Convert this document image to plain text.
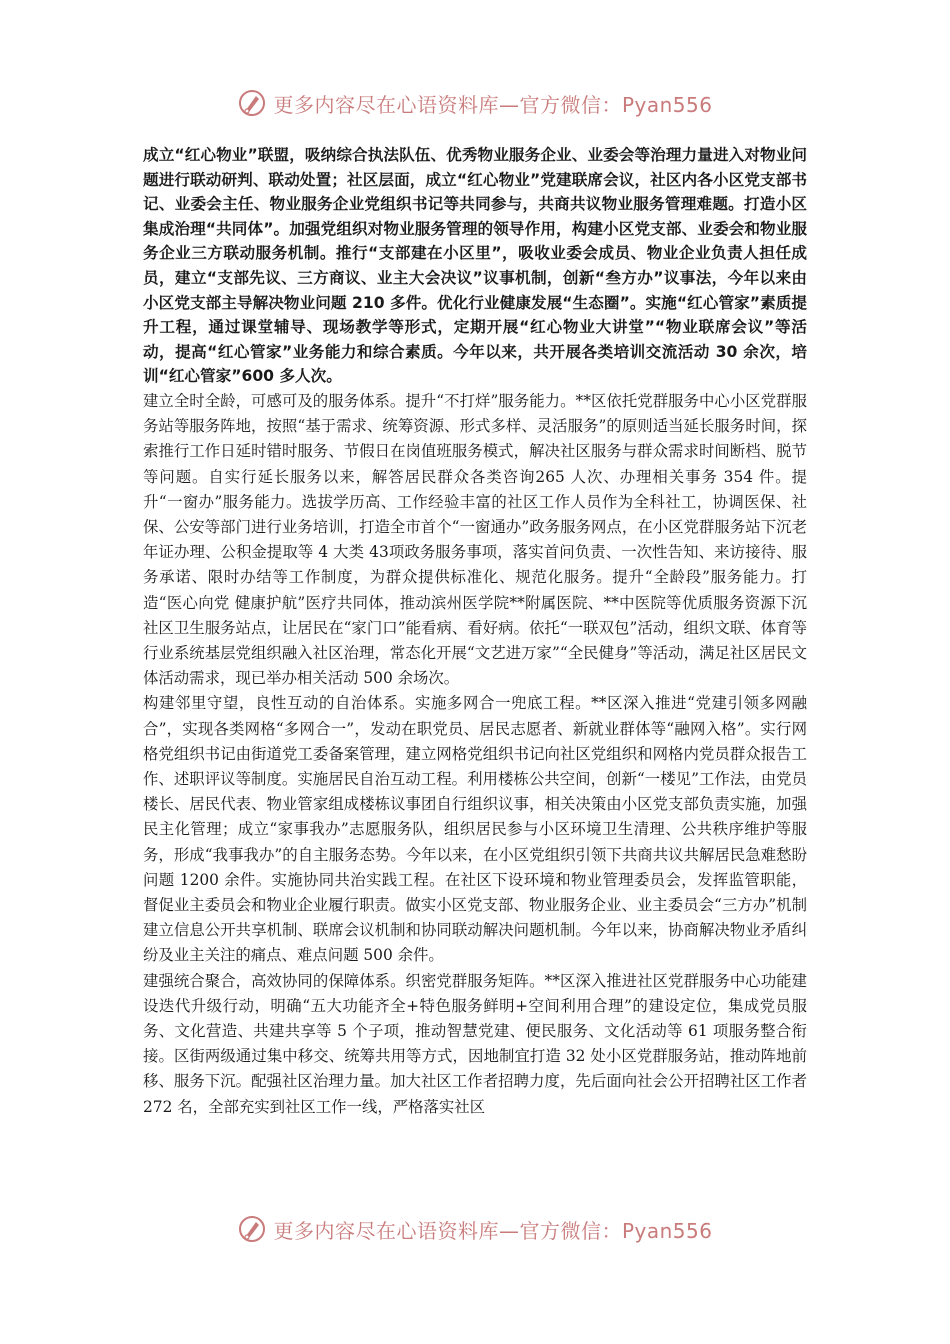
更多内容尽在心语资料库—官方微信：Pyan556

成立“红心物业”联盟，吸纳综合执法队伍、优秀物业服务企业、业委会等治理力量进入对物业问题进行联动研判、联动处置；社区层面，成立“红心物业”党建联席会议，社区内各小区党支部书记、业委会主任、物业服务企业党组织书记等共同参与，共商共议物业服务管理难题。打造小区集成治理“共同体”。加强党组织对物业服务管理的领导作用，构建小区党支部、业委会和物业服务企业三方联动服务机制。推行“支部建在小区里”，吸收业委会成员、物业企业负责人担任成员，建立“支部先议、三方商议、业主大会决议”议事机制，创新“叁方办”议事法，今年以来由小区党支部主导解决物业问题 210 多件。优化行业健康发展“生态圈”。实施“红心管家”素质提升工程，通过课堂辅导、现场教学等形式，定期开展“红心物业大讲堂”“物业联席会议”等活动，提高“红心管家”业务能力和综合素质。今年以来，共开展各类培训交流活动 30 余次，培训“红心管家”600 多人次。

建立全时全龄，可感可及的服务体系。提升“不打烊”服务能力。**区依托党群服务中心小区党群服务站等服务阵地，按照“基于需求、统筹资源、形式多样、灵活服务”的原则适当延长服务时间，探索推行工作日延时错时服务、节假日在岗值班服务模式，解决社区服务与群众需求时间断档、脱节等问题。自实行延长服务以来，解答居民群众各类咨询265 人次、办理相关事务 354 件。提升“一窗办”服务能力。选拔学历高、工作经验丰富的社区工作人员作为全科社工，协调医保、社保、公安等部门进行业务培训，打造全市首个“一窗通办”政务服务网点，在小区党群服务站下沉老年证办理、公积金提取等 4 大类 43项政务服务事项，落实首问负责、一次性告知、来访接待、服务承诺、限时办结等工作制度，为群众提供标准化、规范化服务。提升“全龄段”服务能力。打造“医心向党 健康护航”医疗共同体，推动滨州医学院**附属医院、**中医院等优质服务资源下沉社区卫生服务站点，让居民在“家门口”能看病、看好病。依托“一联双包”活动，组织文联、体育等行业系统基层党组织融入社区治理，常态化开展“文艺进万家”“全民健身”等活动，满足社区居民文体活动需求，现已举办相关活动 500 余场次。

构建邻里守望，良性互动的自治体系。实施多网合一兜底工程。**区深入推进“党建引领多网融合”，实现各类网格“多网合一”，发动在职党员、居民志愿者、新就业群体等“融网入格”。实行网格党组织书记由街道党工委备案管理，建立网格党组织书记向社区党组织和网格内党员群众报告工作、述职评议等制度。实施居民自治互动工程。利用楼栋公共空间，创新“一楼见”工作法，由党员楼长、居民代表、物业管家组成楼栋议事团自行组织议事，相关决策由小区党支部负责实施，加强民主化管理；成立“家事我办”志愿服务队，组织居民参与小区环境卫生清理、公共秩序维护等服务，形成“我事我办”的自主服务态势。今年以来，在小区党组织引领下共商共议共解居民急难愁盼问题 1200 余件。实施协同共治实践工程。在社区下设环境和物业管理委员会，发挥监管职能，督促业主委员会和物业企业履行职责。做实小区党支部、物业服务企业、业主委员会“三方办”机制建立信息公开共享机制、联席会议机制和协同联动解决问题机制。今年以来，协商解决物业矛盾纠纷及业主关注的痛点、难点问题 500 余件。

建强统合聚合，高效协同的保障体系。织密党群服务矩阵。**区深入推进社区党群服务中心功能建设迭代升级行动，明确“五大功能齐全+特色服务鲜明+空间利用合理”的建设定位，集成党员服务、文化营造、共建共享等 5 个子项，推动智慧党建、便民服务、文化活动等 61 项服务整合衔接。区街两级通过集中移交、统筹共用等方式，因地制宜打造 32 处小区党群服务站，推动阵地前移、服务下沉。配强社区治理力量。加大社区工作者招聘力度，先后面向社会公开招聘社区工作者 272 名，全部充实到社区工作一线，严格落实社区

更多内容尽在心语资料库—官方微信：Pyan556
